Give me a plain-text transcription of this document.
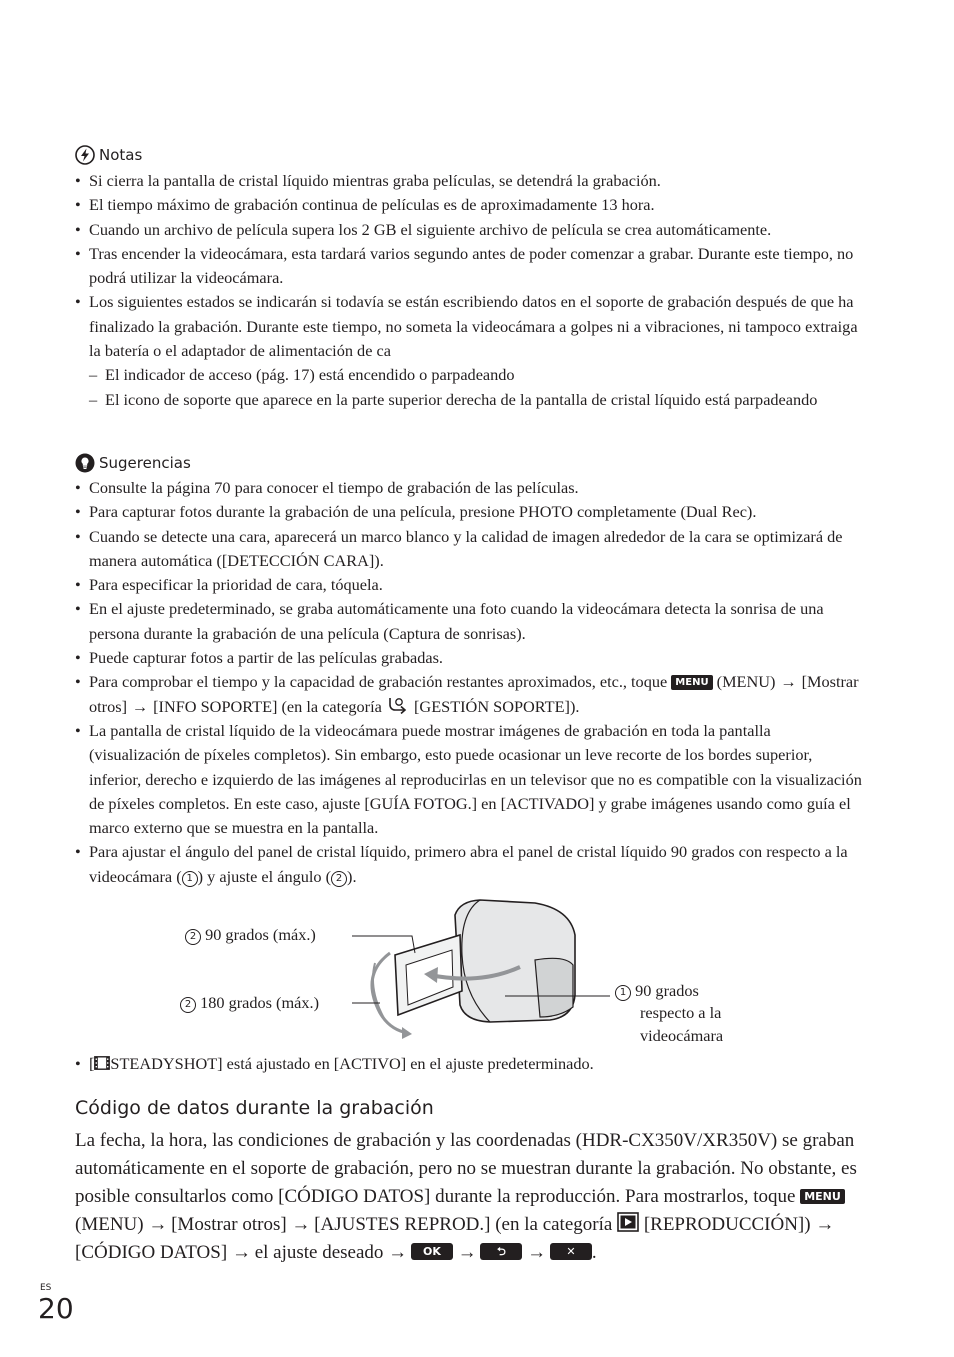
Notas
• Si cierra la pantalla de cristal líquido mientras graba películas, se detendrá la grabación.
• El tiempo máximo de grabación continua de películas es de aproximadamente 13 hora.
• Cuando un archivo de película supera los 2 GB el siguiente archivo de película se crea automáticamente.
• Tras encender la videocámara, esta tardará varios segundo antes de poder comenzar a grabar. Durante este tiempo, no podrá utilizar la videocámara.
• Los siguientes estados se indicarán si todavía se están escribiendo datos en el soporte de grabación después de que ha finalizado la grabación. Durante este tiempo, no someta la videocámara a golpes ni a vibraciones, ni tampoco extraiga la batería o el adaptador de alimentación de ca
– El indicador de acceso (pág. 17) está encendido o parpadeando
– El icono de soporte que aparece en la parte superior derecha de la pantalla de cristal líquido está parpadeando
Sugerencias
• Consulte la página 70 para conocer el tiempo de grabación de las películas.
• Para capturar fotos durante la grabación de una película, presione PHOTO completamente (Dual Rec).
• Cuando se detecte una cara, aparecerá un marco blanco y la calidad de imagen alrededor de la cara se optimizará de manera automática ([DETECCIÓN CARA]).
• Para especificar la prioridad de cara, tóquela.
• En el ajuste predeterminado, se graba automáticamente una foto cuando la videocámara detecta la sonrisa de una persona durante la grabación de una película (Captura de sonrisas).
• Puede capturar fotos a partir de las películas grabadas.
• Para comprobar el tiempo y la capacidad de grabación restantes aproximados, etc., toque MENU (MENU) → [Mostrar otros] → [INFO SOPORTE] (en la categoría [GESTIÓN SOPORTE]).
• La pantalla de cristal líquido de la videocámara puede mostrar imágenes de grabación en toda la pantalla (visualización de píxeles completos). Sin embargo, esto puede ocasionar un leve recorte de los bordes superior, inferior, derecho e izquierdo de las imágenes al reproducirlas en un televisor que no es compatible con la visualización de píxeles completos. En este caso, ajuste [GUÍA FOTOG.] en [ACTIVADO] y grabe imágenes usando como guía el marco externo que se muestra en la pantalla.
• Para ajustar el ángulo del panel de cristal líquido, primero abra el panel de cristal líquido 90 grados con respecto a la videocámara ( 1 ) y ajuste el ángulo ( 2 ).
2 90 grados (máx.)
2 180 grados (máx.)
1 90 grados
respecto a la
videocámara
• [ STEADYSHOT] está ajustado en [ACTIVO] en el ajuste predeterminado.
Código de datos durante la grabación
La fecha, la hora, las condiciones de grabación y las coordenadas (HDR-CX350V/XR350V) se graban automáticamente en el soporte de grabación, pero no se muestran durante la grabación. No obstante, es posible consultarlos como [CÓDIGO DATOS] durante la reproducción. Para mostrarlos, toque MENU (MENU) → [Mostrar otros] → [AJUSTES REPROD.] (en la categoría [REPRODUCCIÓN]) → [CÓDIGO DATOS] → el ajuste deseado → OK → ⮌ → ✕ .
ES
20
